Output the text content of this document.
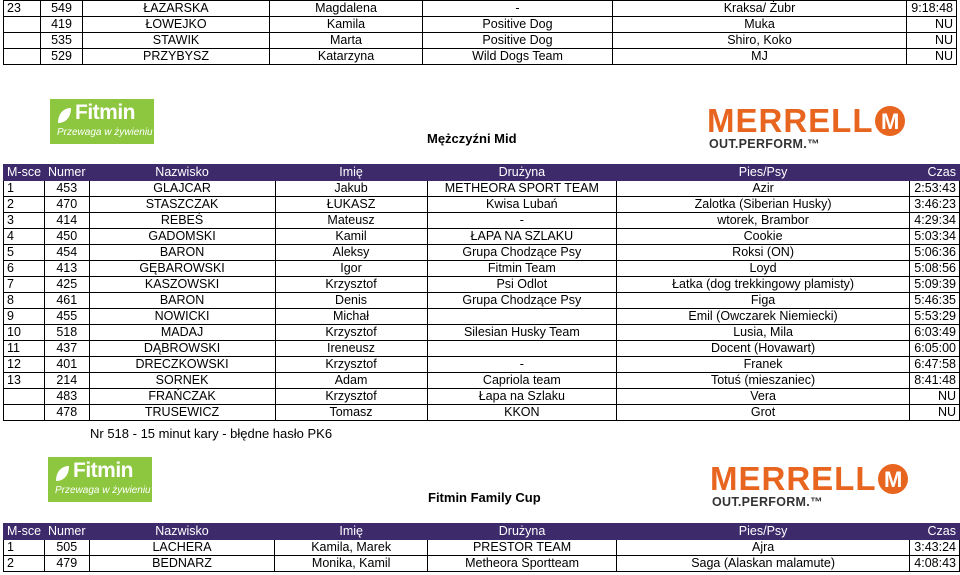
23	549	ŁAZARSKA	Magdalena	-	Kraksa/ Żubr	9:18:48
	419	ŁOWEJKO	Kamila	Positive Dog	Muka	NU
	535	STAWIK	Marta	Positive Dog	Shiro, Koko	NU
	529	PRZYBYSZ	Katarzyna	Wild Dogs Team	MJ	NU
Fitmin
Przewaga w żywieniu	Mężczyźni Mid	MERRELL M
OUT.PERFORM.™
M-sce	Numer	Nazwisko	Imię	Drużyna	Pies/Psy	Czas
1	453	GLAJCAR	Jakub	METHEORA SPORT TEAM	Azir	2:53:43
2	470	STASZCZAK	ŁUKASZ	Kwisa Lubań	Zalotka (Siberian Husky)	3:46:23
3	414	REBEŚ	Mateusz	-	wtorek, Brambor	4:29:34
4	450	GADOMSKI	Kamil	ŁAPA NA SZLAKU	Cookie	5:03:34
5	454	BARON	Aleksy	Grupa Chodzące Psy	Roksi (ON)	5:06:36
6	413	GĘBAROWSKI	Igor	Fitmin Team	Loyd	5:08:56
7	425	KASZOWSKI	Krzysztof	Psi Odlot	Łatka (dog trekkingowy plamisty)	5:09:39
8	461	BARON	Denis	Grupa Chodzące Psy	Figa	5:46:35
9	455	NOWICKI	Michał		Emil (Owczarek Niemiecki)	5:53:29
10	518	MADAJ	Krzysztof	Silesian Husky Team	Lusia, Mila	6:03:49
11	437	DĄBROWSKI	Ireneusz		Docent (Hovawart)	6:05:00
12	401	DRECZKOWSKI	Krzysztof	-	Franek	6:47:58
13	214	SORNEK	Adam	Capriola team	Totuś (mieszaniec)	8:41:48
	483	FRAŃCZAK	Krzysztof	Łapa na Szlaku	Vera	NU
	478	TRUSEWICZ	Tomasz	KKON	Grot	NU
Nr 518 - 15 minut kary - błędne hasło PK6
Fitmin
Przewaga w żywieniu	Fitmin Family Cup
MERRELL M
OUT.PERFORM.™
M-sce	Numer	Nazwisko	Imię	Drużyna	Pies/Psy	Czas
1	505	LACHERA	Kamila, Marek	PRESTOR TEAM	Ajra	3:43:24
2	479	BEDNARZ	Monika, Kamil	Metheora Sportteam	Saga (Alaskan malamute)	4:08:43
